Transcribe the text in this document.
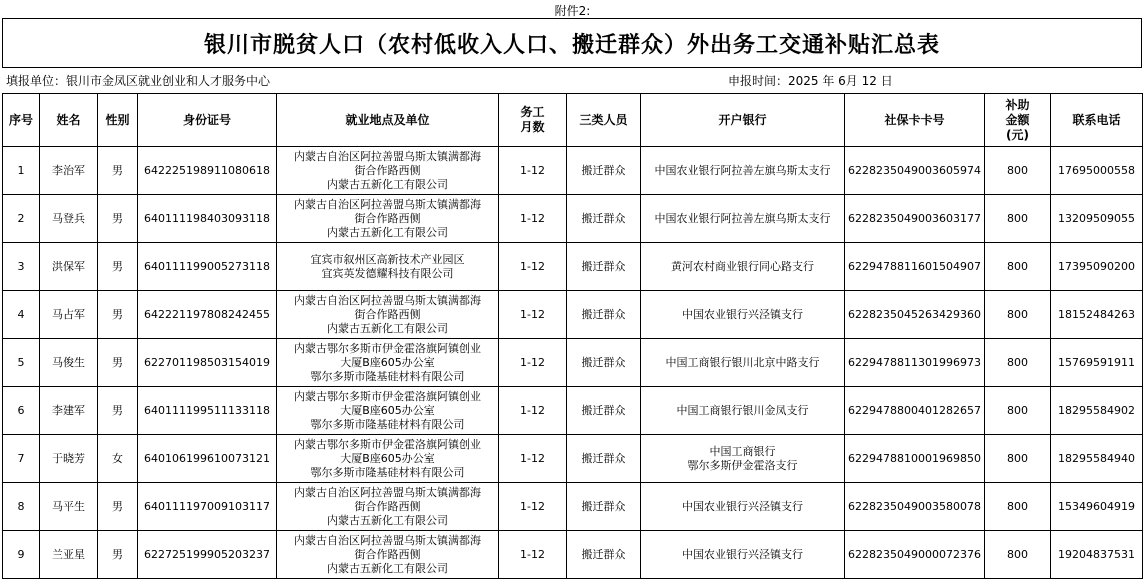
附件2:
银川市脱贫人口（农村低收入人口、搬迁群众）外出务工交通补贴汇总表
填报单位：银川市金凤区就业创业和人才服务中心	申报时间：2025 年 6月 12 日
序号	姓名	性别	身份证号	就业地点及单位	务工
月数	三类人员	开户银行	社保卡卡号	补助
金额
(元)	联系电话
1	李治军	男	642225198911080618	内蒙古自治区阿拉善盟乌斯太镇满都海
街合作路西侧
内蒙古五新化工有限公司	1-12	搬迁群众	中国农业银行阿拉善左旗乌斯太支行	6228235049003605974	800	17695000558
2	马登兵	男	640111198403093118	内蒙古自治区阿拉善盟乌斯太镇满都海
街合作路西侧
内蒙古五新化工有限公司	1-12	搬迁群众	中国农业银行阿拉善左旗乌斯太支行	6228235049003603177	800	13209509055
3	洪保军	男	640111199005273118	宜宾市叙州区高新技术产业园区
宜宾英发德耀科技有限公司	1-12	搬迁群众	黄河农村商业银行同心路支行	6229478811601504907	800	17395090200
4	马占军	男	642221197808242455	内蒙古自治区阿拉善盟乌斯太镇满都海
街合作路西侧
内蒙古五新化工有限公司	1-12	搬迁群众	中国农业银行兴泾镇支行	6228235045263429360	800	18152484263
5	马俊生	男	622701198503154019	内蒙古鄂尔多斯市伊金霍洛旗阿镇创业
大厦B座605办公室
鄂尔多斯市隆基硅材料有限公司	1-12	搬迁群众	中国工商银行银川北京中路支行	6229478811301996973	800	15769591911
6	李建军	男	640111199511133118	内蒙古鄂尔多斯市伊金霍洛旗阿镇创业
大厦B座605办公室
鄂尔多斯市隆基硅材料有限公司	1-12	搬迁群众	中国工商银行银川金凤支行	6229478800401282657	800	18295584902
7	于晓芳	女	640106199610073121	内蒙古鄂尔多斯市伊金霍洛旗阿镇创业
大厦B座605办公室
鄂尔多斯市隆基硅材料有限公司	1-12	搬迁群众	中国工商银行
鄂尔多斯伊金霍洛支行	6229478810001969850	800	18295584940
8	马平生	男	640111197009103117	内蒙古自治区阿拉善盟乌斯太镇满都海
街合作路西侧
内蒙古五新化工有限公司	1-12	搬迁群众	中国农业银行兴泾镇支行	6228235049003580078	800	15349604919
9	兰亚星	男	622725199905203237	内蒙古自治区阿拉善盟乌斯太镇满都海
街合作路西侧
内蒙古五新化工有限公司	1-12	搬迁群众	中国农业银行兴泾镇支行	6228235049000072376	800	19204837531
